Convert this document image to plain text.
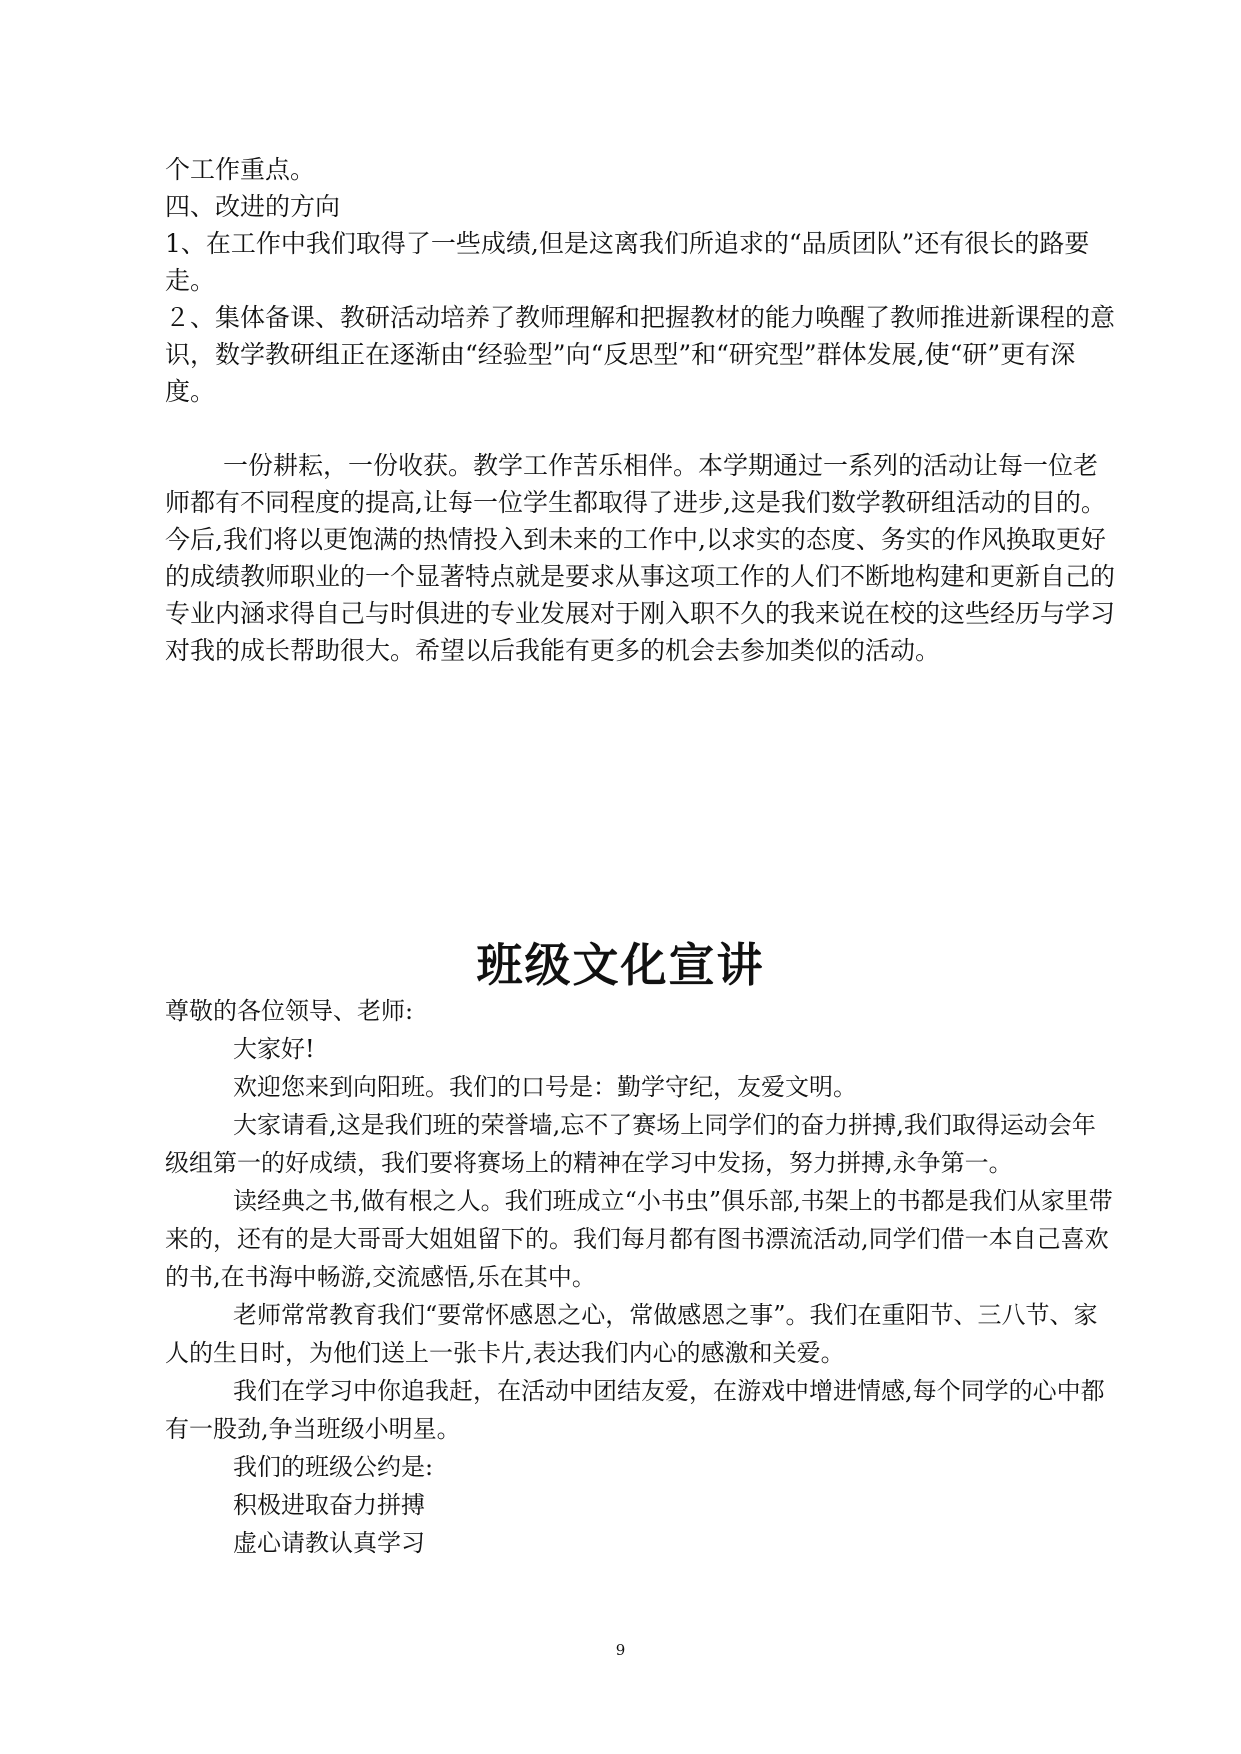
个工作重点。

四、改进的方向

1、在工作中我们取得了一些成绩,但是这离我们所追求的“品质团队”还有很长的路要走。

２、集体备课、教研活动培养了教师理解和把握教材的能力唤醒了教师推进新课程的意识，数学教研组正在逐渐由“经验型”向“反思型”和“研究型”群体发展,使“研”更有深度。

一份耕耘，一份收获。教学工作苦乐相伴。本学期通过一系列的活动让每一位老师都有不同程度的提高,让每一位学生都取得了进步,这是我们数学教研组活动的目的。今后,我们将以更饱满的热情投入到未来的工作中,以求实的态度、务实的作风换取更好的成绩教师职业的一个显著特点就是要求从事这项工作的人们不断地构建和更新自己的专业内涵求得自己与时俱进的专业发展对于刚入职不久的我来说在校的这些经历与学习对我的成长帮助很大。希望以后我能有更多的机会去参加类似的活动。

班级文化宣讲

尊敬的各位领导、老师:

大家好!

欢迎您来到向阳班。我们的口号是：勤学守纪，友爱文明。

大家请看,这是我们班的荣誉墙,忘不了赛场上同学们的奋力拼搏,我们取得运动会年级组第一的好成绩，我们要将赛场上的精神在学习中发扬，努力拼搏,永争第一。

读经典之书,做有根之人。我们班成立“小书虫”俱乐部,书架上的书都是我们从家里带来的，还有的是大哥哥大姐姐留下的。我们每月都有图书漂流活动,同学们借一本自己喜欢的书,在书海中畅游,交流感悟,乐在其中。

老师常常教育我们“要常怀感恩之心，常做感恩之事”。我们在重阳节、三八节、家人的生日时，为他们送上一张卡片,表达我们内心的感激和关爱。

我们在学习中你追我赶，在活动中团结友爱，在游戏中增进情感,每个同学的心中都有一股劲,争当班级小明星。

我们的班级公约是:

积极进取奋力拼搏

虚心请教认真学习

9
